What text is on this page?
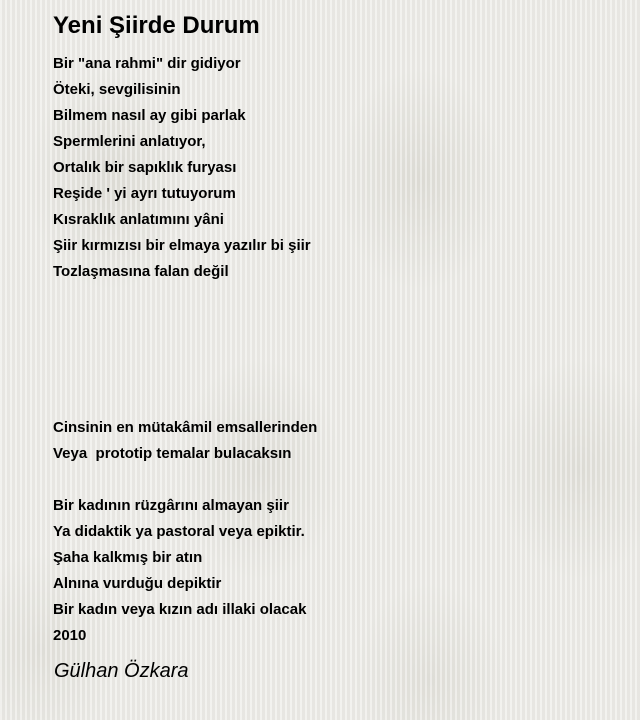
Yeni Şiirde Durum
Bir "ana rahmi" dir gidiyor
Öteki, sevgilisinin
Bilmem nasıl ay gibi parlak
Spermlerini anlatıyor,
Ortalık bir sapıklık furyası
Reşide ' yi ayrı tutuyorum
Kısraklık anlatımını yâni
Şiir kırmızısı bir elmaya yazılır bi şiir
Tozlaşmasına falan değil
Cinsinin en mütakâmil emsallerinden
Veya  prototip temalar bulacaksın
Bir kadının rüzgârını almayan şiir
Ya didaktik ya pastoral veya epiktir.
Şaha kalkmış bir atın
Alnına vurduğu depiktir
Bir kadın veya kızın adı illaki olacak
2010
Gülhan Özkara
